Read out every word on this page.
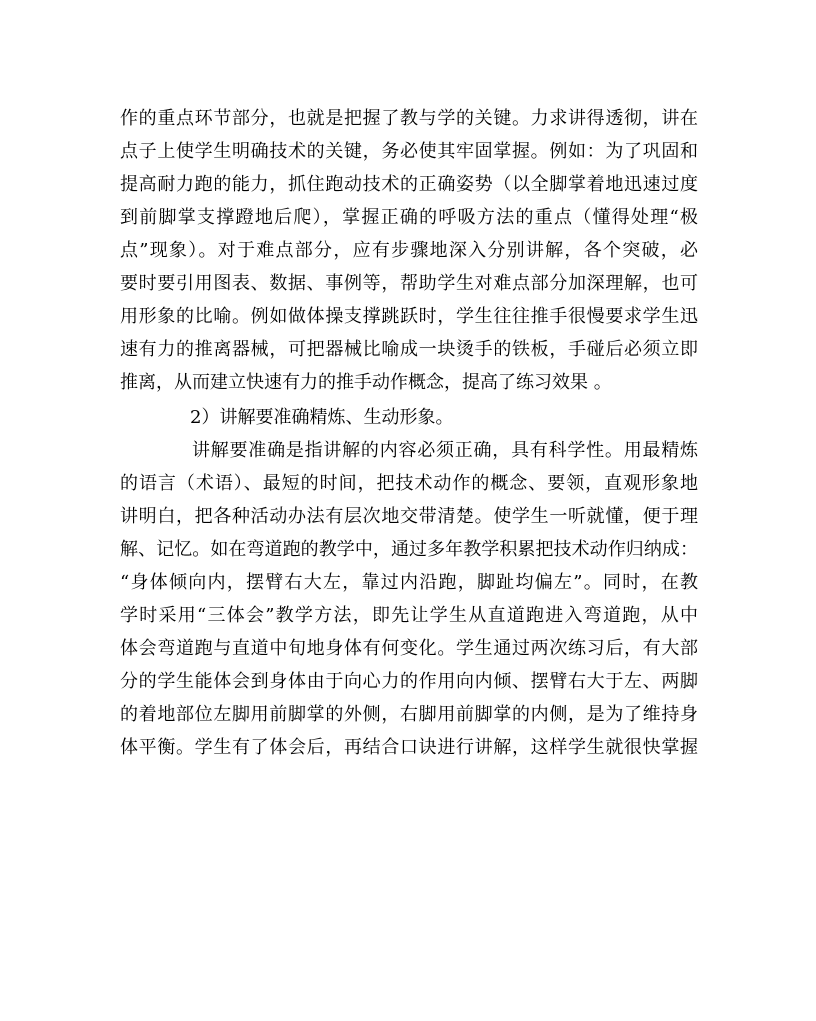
作的重点环节部分，也就是把握了教与学的关键。力求讲得透彻，讲在
点子上使学生明确技术的关键，务必使其牢固掌握。例如：为了巩固和
提高耐力跑的能力，抓住跑动技术的正确姿势（以全脚掌着地迅速过度
到前脚掌支撑蹬地后爬），掌握正确的呼吸方法的重点（懂得处理“极
点”现象）。对于难点部分，应有步骤地深入分别讲解，各个突破，必
要时要引用图表、数据、事例等，帮助学生对难点部分加深理解，也可
用形象的比喻。例如做体操支撑跳跃时，学生往往推手很慢要求学生迅
速有力的推离器械，可把器械比喻成一块烫手的铁板，手碰后必须立即
推离，从而建立快速有力的推手动作概念，提高了练习效果 。
2）讲解要准确精炼、生动形象。
讲解要准确是指讲解的内容必须正确，具有科学性。用最精炼
的语言（术语）、最短的时间，把技术动作的概念、要领，直观形象地
讲明白，把各种活动办法有层次地交带清楚。使学生一听就懂，便于理
解、记忆。如在弯道跑的教学中，通过多年教学积累把技术动作归纳成：
“身体倾向内，摆臂右大左，靠过内沿跑，脚趾均偏左”。同时，在教
学时采用“三体会”教学方法，即先让学生从直道跑进入弯道跑，从中
体会弯道跑与直道中旬地身体有何变化。学生通过两次练习后，有大部
分的学生能体会到身体由于向心力的作用向内倾、摆臂右大于左、两脚
的着地部位左脚用前脚掌的外侧，右脚用前脚掌的内侧，是为了维持身
体平衡。学生有了体会后，再结合口诀进行讲解，这样学生就很快掌握
